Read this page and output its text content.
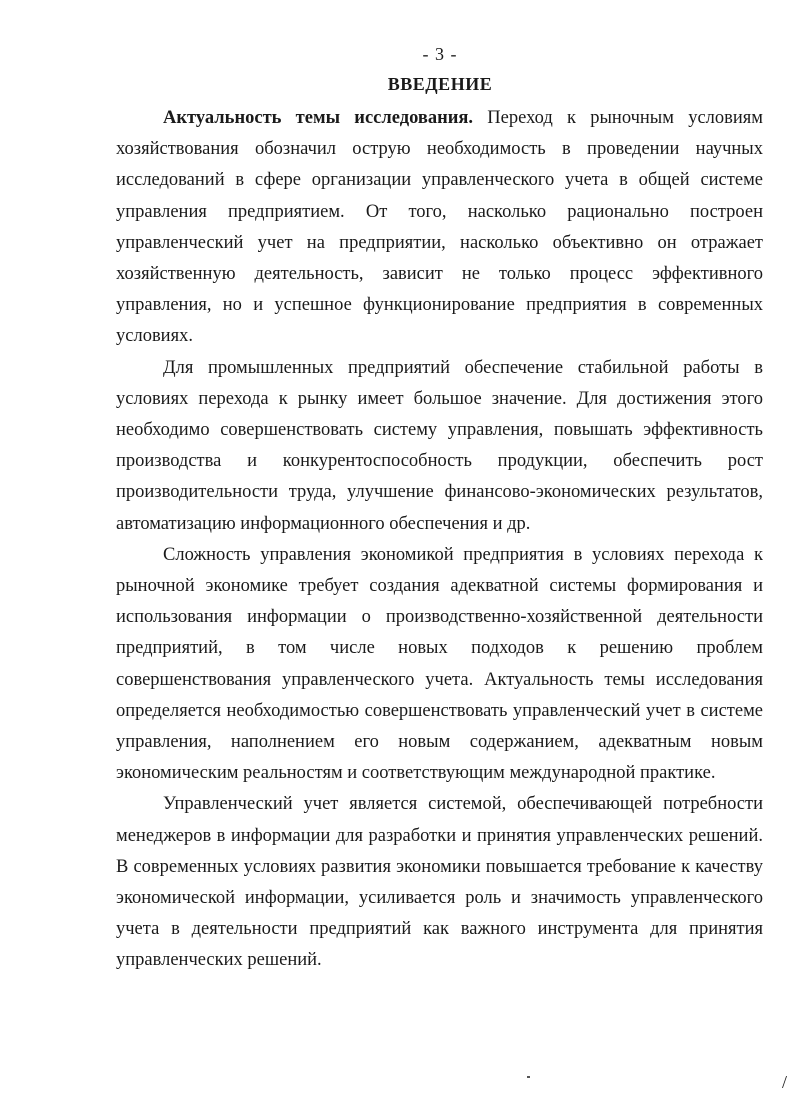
- 3 -
ВВЕДЕНИЕ

Актуальность темы исследования. Переход к рыночным условиям хозяйствования обозначил острую необходимость в проведении научных исследований в сфере организации управленческого учета в общей системе управления предприятием. От того, насколько рационально построен управленческий учет на предприятии, насколько объективно он отражает хозяйственную деятельность, зависит не только процесс эффективного управления, но и успешное функционирование предприятия в современных условиях.

Для промышленных предприятий обеспечение стабильной работы в условиях перехода к рынку имеет большое значение. Для достижения этого необходимо совершенствовать систему управления, повышать эффективность производства и конкурентоспособность продукции, обеспечить рост производительности труда, улучшение финансово-экономических результатов, автоматизацию информационного обеспечения и др.

Сложность управления экономикой предприятия в условиях перехода к рыночной экономике требует создания адекватной системы формирования и использования информации о производственно-хозяйственной деятельности предприятий, в том числе новых подходов к решению проблем совершенствования управленческого учета. Актуальность темы исследования определяется необходимостью совершенствовать управленческий учет в системе управления, наполнением его новым содержанием, адекватным новым экономическим реальностям и соответствующим международной практике.

Управленческий учет является системой, обеспечивающей потребности менеджеров в информации для разработки и принятия управленческих решений. В современных условиях развития экономики повышается требование к качеству экономической информации, усиливается роль и значимость управленческого учета в деятельности предприятий как важного инструмента для принятия управленческих решений.

/
